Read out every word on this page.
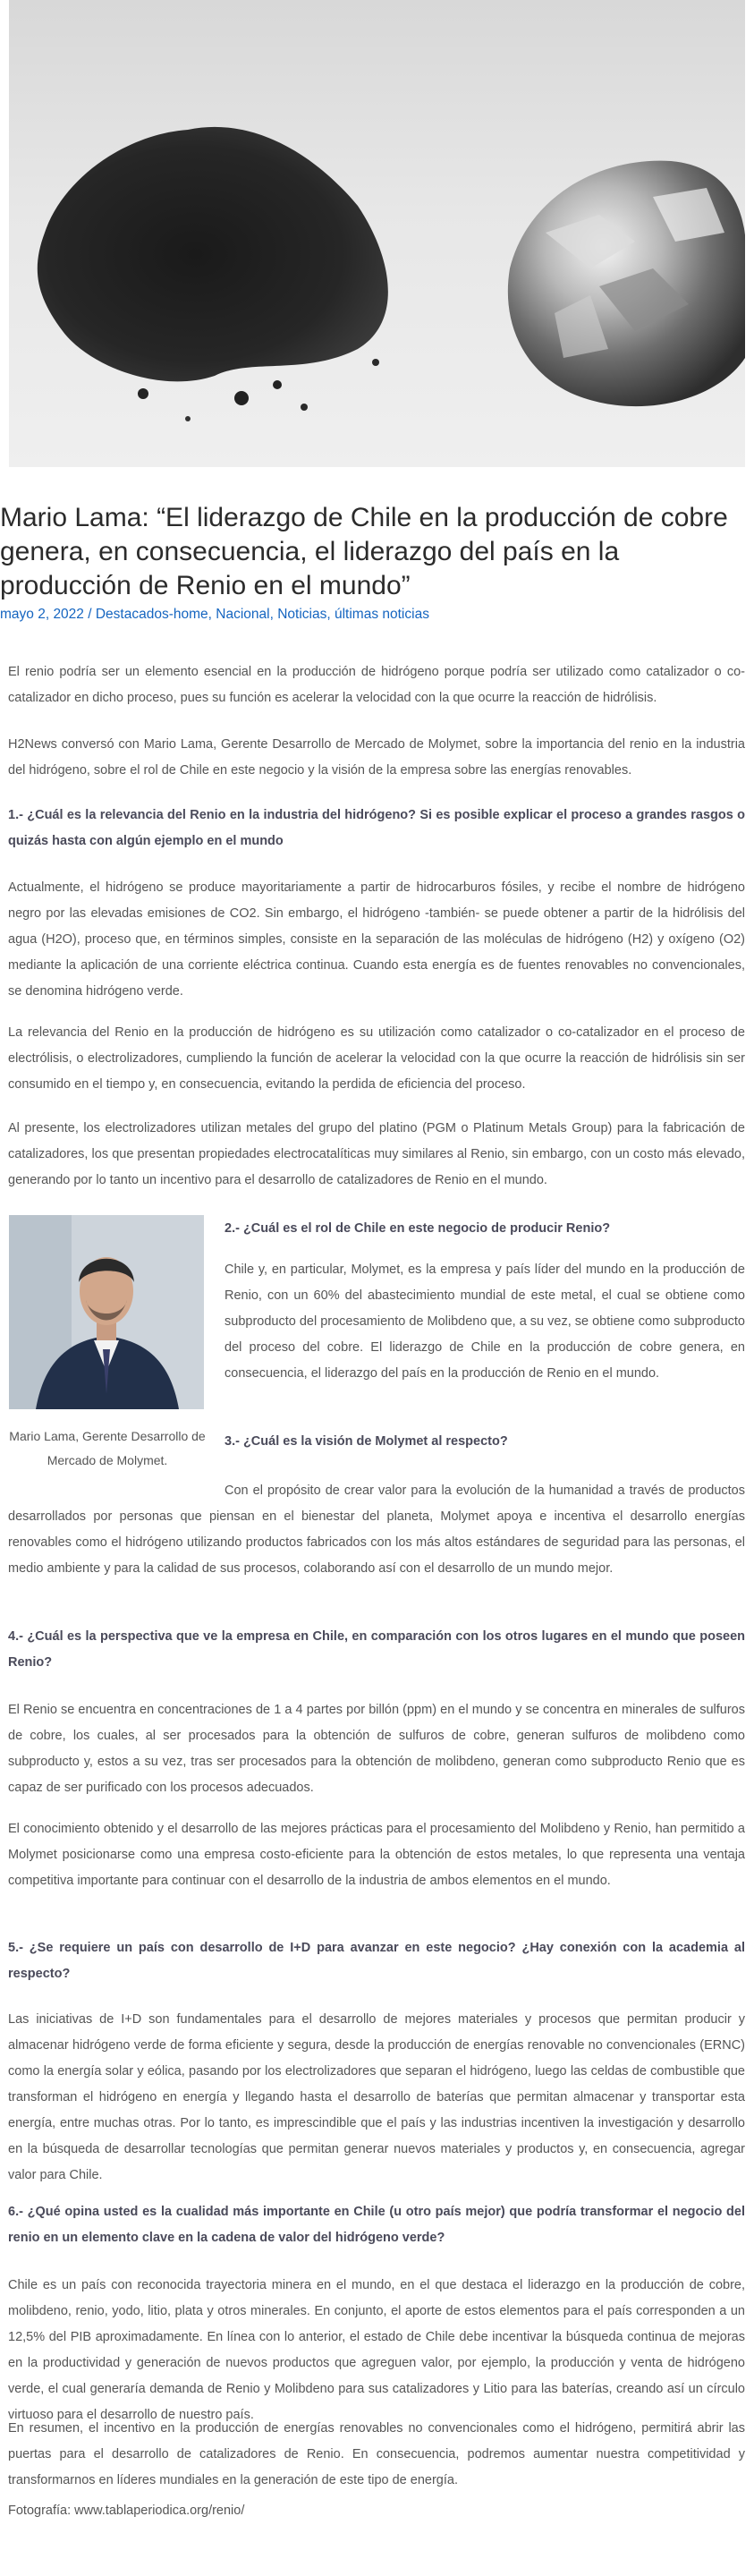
Mario Lama: “El liderazgo de Chile en la producción de cobre genera, en consecuencia, el liderazgo del país en la producción de Renio en el mundo”
mayo 2, 2022 / Destacados-home, Nacional, Noticias, últimas noticias

El renio podría ser un elemento esencial en la producción de hidrógeno porque podría ser utilizado como catalizador o co-catalizador en dicho proceso, pues su función es acelerar la velocidad con la que ocurre la reacción de hidrólisis.

H2News conversó con Mario Lama, Gerente Desarrollo de Mercado de Molymet, sobre la importancia del renio en la industria del hidrógeno, sobre el rol de Chile en este negocio y la visión de la empresa sobre las energías renovables.

1.- ¿Cuál es la relevancia del Renio en la industria del hidrógeno? Si es posible explicar el proceso a grandes rasgos o quizás hasta con algún ejemplo en el mundo

Actualmente, el hidrógeno se produce mayoritariamente a partir de hidrocarburos fósiles, y recibe el nombre de hidrógeno negro por las elevadas emisiones de CO2. Sin embargo, el hidrógeno -también- se puede obtener a partir de la hidrólisis del agua (H2O), proceso que, en términos simples, consiste en la separación de las moléculas de hidrógeno (H2) y oxígeno (O2) mediante la aplicación de una corriente eléctrica continua. Cuando esta energía es de fuentes renovables no convencionales, se denomina hidrógeno verde.

La relevancia del Renio en la producción de hidrógeno es su utilización como catalizador o co-catalizador en el proceso de electrólisis, o electrolizadores, cumpliendo la función de acelerar la velocidad con la que ocurre la reacción de hidrólisis sin ser consumido en el tiempo y, en consecuencia, evitando la perdida de eficiencia del proceso.

Al presente, los electrolizadores utilizan metales del grupo del platino (PGM o Platinum Metals Group) para la fabricación de catalizadores, los que presentan propiedades electrocatalíticas muy similares al Renio, sin embargo, con un costo más elevado, generando por lo tanto un incentivo para el desarrollo de catalizadores de Renio en el mundo.

2.- ¿Cuál es el rol de Chile en este negocio de producir Renio?

Chile y, en particular, Molymet, es la empresa y país líder del mundo en la producción de Renio, con un 60% del abastecimiento mundial de este metal, el cual se obtiene como subproducto del procesamiento de Molibdeno que, a su vez, se obtiene como subproducto del proceso del cobre. El liderazgo de Chile en la producción de cobre genera, en consecuencia, el liderazgo del país en la producción de Renio en el mundo.

Mario Lama, Gerente Desarrollo de Mercado de Molymet.
3.- ¿Cuál es la visión de Molymet al respecto?

Con el propósito de crear valor para la evolución de la humanidad a través de productos desarrollados por personas que piensan en el bienestar del planeta, Molymet apoya e incentiva el desarrollo energías renovables como el hidrógeno utilizando productos fabricados con los más altos estándares de seguridad para las personas, el medio ambiente y para la calidad de sus procesos, colaborando así con el desarrollo de un mundo mejor.

4.- ¿Cuál es la perspectiva que ve la empresa en Chile, en comparación con los otros lugares en el mundo que poseen Renio?

El Renio se encuentra en concentraciones de 1 a 4 partes por billón (ppm) en el mundo y se concentra en minerales de sulfuros de cobre, los cuales, al ser procesados para la obtención de sulfuros de cobre, generan sulfuros de molibdeno como subproducto y, estos a su vez, tras ser procesados para la obtención de molibdeno, generan como subproducto Renio que es capaz de ser purificado con los procesos adecuados.

El conocimiento obtenido y el desarrollo de las mejores prácticas para el procesamiento del Molibdeno y Renio, han permitido a Molymet posicionarse como una empresa costo-eficiente para la obtención de estos metales, lo que representa una ventaja competitiva importante para continuar con el desarrollo de la industria de ambos elementos en el mundo.

5.- ¿Se requiere un país con desarrollo de I+D para avanzar en este negocio? ¿Hay conexión con la academia al respecto?

Las iniciativas de I+D son fundamentales para el desarrollo de mejores materiales y procesos que permitan producir y almacenar hidrógeno verde de forma eficiente y segura, desde la producción de energías renovable no convencionales (ERNC) como la energía solar y eólica, pasando por los electrolizadores que separan el hidrógeno, luego las celdas de combustible que transforman el hidrógeno en energía y llegando hasta el desarrollo de baterías que permitan almacenar y transportar esta energía, entre muchas otras. Por lo tanto, es imprescindible que el país y las industrias incentiven la investigación y desarrollo en la búsqueda de desarrollar tecnologías que permitan generar nuevos materiales y productos y, en consecuencia, agregar valor para Chile.

6.- ¿Qué opina usted es la cualidad más importante en Chile (u otro país mejor) que podría transformar el negocio del renio en un elemento clave en la cadena de valor del hidrógeno verde?

Chile es un país con reconocida trayectoria minera en el mundo, en el que destaca el liderazgo en la producción de cobre, molibdeno, renio, yodo, litio, plata y otros minerales. En conjunto, el aporte de estos elementos para el país corresponden a un 12,5% del PIB aproximadamente. En línea con lo anterior, el estado de Chile debe incentivar la búsqueda continua de mejoras en la productividad y generación de nuevos productos que agreguen valor, por ejemplo, la producción y venta de hidrógeno verde, el cual generaría demanda de Renio y Molibdeno para sus catalizadores y Litio para las baterías, creando así un círculo virtuoso para el desarrollo de nuestro país.

En resumen, el incentivo en la producción de energías renovables no convencionales como el hidrógeno, permitirá abrir las puertas para el desarrollo de catalizadores de Renio. En consecuencia, podremos aumentar nuestra competitividad y transformarnos en líderes mundiales en la generación de este tipo de energía.

Fotografía: www.tablaperiodica.org/renio/
